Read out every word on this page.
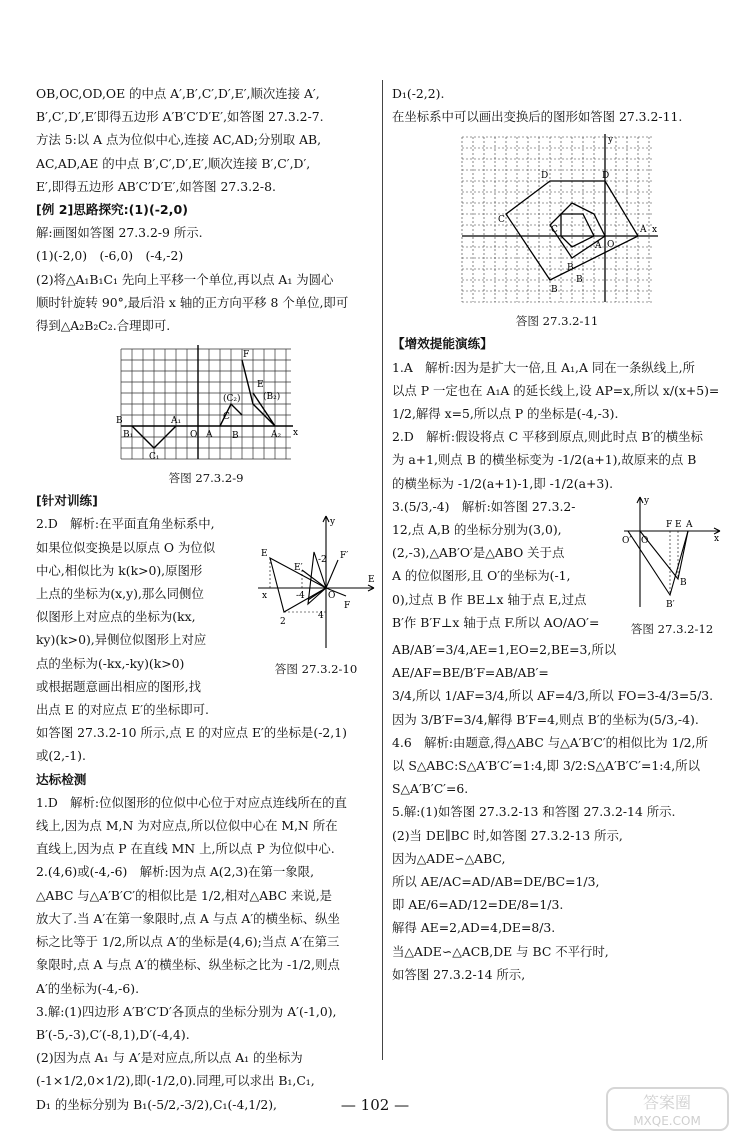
OB,OC,OD,OE 的中点 A′,B′,C′,D′,E′,顺次连接 A′,

B′,C′,D′,E′即得五边形 A′B′C′D′E′,如答图 27.3.2-7.

方法 5:以 A 点为位似中心,连接 AC,AD;分别取 AB,

AC,AD,AE 的中点 B′,C′,D′,E′,顺次连接 B′,C′,D′,

E′,即得五边形 AB′C′D′E′,如答图 27.3.2-8.

[例 2]思路探究:(1)(-2,0)

解:画图如答图 27.3.2-9 所示.

(1)(-2,0)　(-6,0)　(-4,-2)

(2)将△A₁B₁C₁ 先向上平移一个单位,再以点 A₁ 为圆心

顺时针旋转 90°,最后沿 x 轴的正方向平移 8 个单位,即可

得到△A₂B₂C₂.合理即可.

F
E
(B₂)
(C₂)
C
A₂
B
A₁
O A
B
B₁
C₁
x
答图 27.3.2-9

[针对训练]

y
E
E′
F′
O
F
E
x	-4
4
-2
2
答图 27.3.2-10

2.D　解析:在平面直角坐标系中,

如果位似变换是以原点 O 为位似

中心,相似比为 k(k>0),原图形

上点的坐标为(x,y),那么同侧位

似图形上对应点的坐标为(kx,

ky)(k>0),异侧位似图形上对应

点的坐标为(-kx,-ky)(k>0)

或根据题意画出相应的图形,找

出点 E 的对应点 E′的坐标即可.

如答图 27.3.2-10 所示,点 E 的对应点 E′的坐标是(-2,1)

或(2,-1).

达标检测

1.D　解析:位似图形的位似中心位于对应点连线所在的直

线上,因为点 M,N 为对应点,所以位似中心在 M,N 所在

直线上,因为点 P 在直线 MN 上,所以点 P 为位似中心.

2.(4,6)或(-4,-6)　解析:因为点 A(2,3)在第一象限,

△ABC 与△A′B′C′的相似比是 1/2,相对△ABC 来说,是

放大了.当 A′在第一象限时,点 A 与点 A′的横坐标、纵坐

标之比等于 1/2,所以点 A′的坐标是(4,6);当点 A′在第三

象限时,点 A 与点 A′的横坐标、纵坐标之比为 -1/2,则点

A′的坐标为(-4,-6).

3.解:(1)四边形 A′B′C′D′各顶点的坐标分别为 A′(-1,0),

B′(-5,-3),C′(-8,1),D′(-4,4).

(2)因为点 A₁ 与 A′是对应点,所以点 A₁ 的坐标为

(-1×1/2,0×1/2),即(-1/2,0).同理,可以求出 B₁,C₁,

D₁ 的坐标分别为 B₁(-5/2,-3/2),C₁(-4,1/2),

D₁(-2,2).

在坐标系中可以画出变换后的图形如答图 27.3.2-11.

y
D	D
C
C
B
A O
A x
B
B
答图 27.3.2-11

【增效提能演练】

1.A　解析:因为是扩大一倍,且 A₁,A 同在一条纵线上,所

以点 P 一定也在 A₁A 的延长线上,设 AP=x,所以 x/(x+5)=

1/2,解得 x=5,所以点 P 的坐标是(-4,-3).

2.D　解析:假设将点 C 平移到原点,则此时点 B′的横坐标

为 a+1,则点 B 的横坐标变为 -1/2(a+1),故原来的点 B

的横坐标为 -1/2(a+1)-1,即 -1/2(a+3).

y
O′ O
F E A
x
B
B′
答图 27.3.2-12

3.(5/3,-4)　解析:如答图 27.3.2-

12,点 A,B 的坐标分别为(3,0),

(2,-3),△AB′O′是△ABO 关于点

A 的位似图形,且 O′的坐标为(-1,

0),过点 B 作 BE⊥x 轴于点 E,过点

B′作 B′F⊥x 轴于点 F.所以 AO/AO′=

AB/AB′=3/4,AE=1,EO=2,BE=3,所以 AE/AF=BE/B′F=AB/AB′=

3/4,所以 1/AF=3/4,所以 AF=4/3,所以 FO=3-4/3=5/3.

因为 3/B′F=3/4,解得 B′F=4,则点 B′的坐标为(5/3,-4).

4.6　解析:由题意,得△ABC 与△A′B′C′的相似比为 1/2,所

以 S△ABC:S△A′B′C′=1:4,即 3/2:S△A′B′C′=1:4,所以

S△A′B′C′=6.

5.解:(1)如答图 27.3.2-13 和答图 27.3.2-14 所示.

(2)当 DE∥BC 时,如答图 27.3.2-13 所示,

因为△ADE∽△ABC,

所以 AE/AC=AD/AB=DE/BC=1/3,

即 AE/6=AD/12=DE/8=1/3.

解得 AE=2,AD=4,DE=8/3.

当△ADE∽△ACB,DE 与 BC 不平行时,

如答图 27.3.2-14 所示,

— 102 —	答案圈
MXQE.COM
